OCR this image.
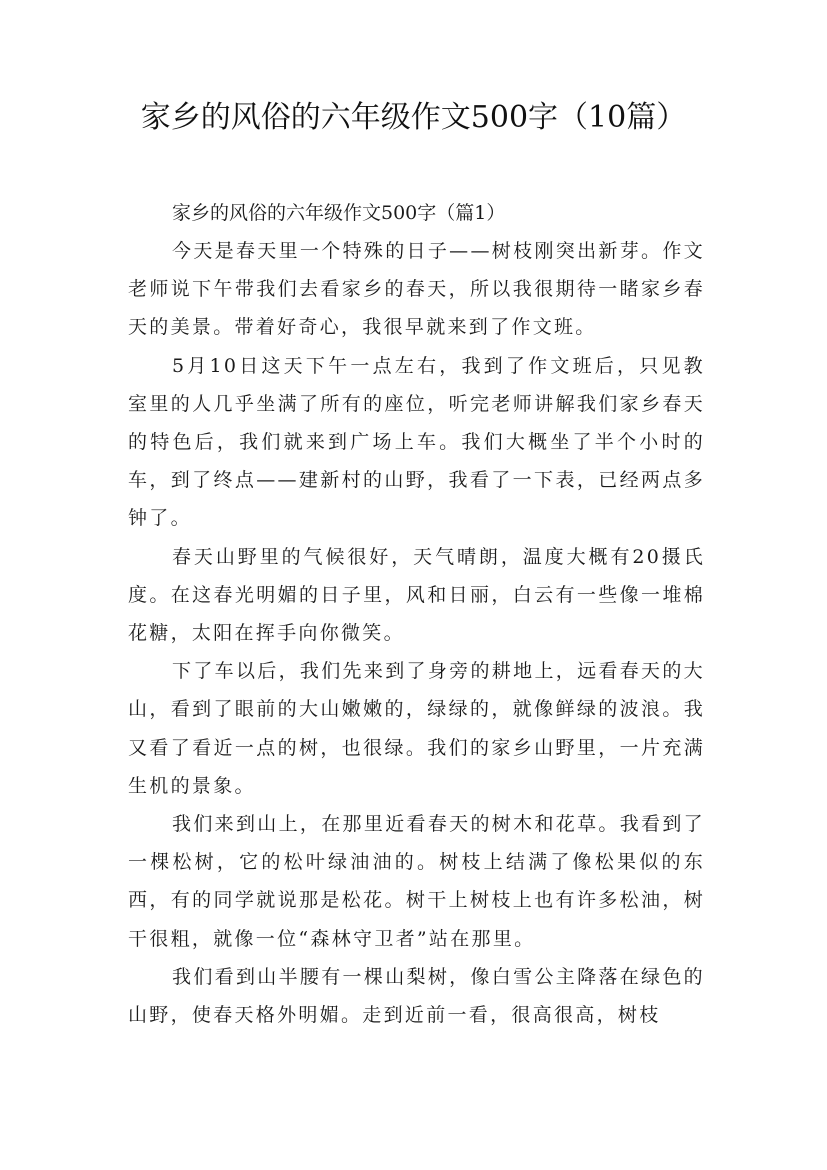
家乡的风俗的六年级作文500字（10篇）

家乡的风俗的六年级作文500字（篇1）

今天是春天里一个特殊的日子——树枝刚突出新芽。作文老师说下午带我们去看家乡的春天，所以我很期待一睹家乡春天的美景。带着好奇心，我很早就来到了作文班。

5月10日这天下午一点左右，我到了作文班后，只见教室里的人几乎坐满了所有的座位，听完老师讲解我们家乡春天的特色后，我们就来到广场上车。我们大概坐了半个小时的车，到了终点——建新村的山野，我看了一下表，已经两点多钟了。

春天山野里的气候很好，天气晴朗，温度大概有20摄氏度。在这春光明媚的日子里，风和日丽，白云有一些像一堆棉花糖，太阳在挥手向你微笑。

下了车以后，我们先来到了身旁的耕地上，远看春天的大山，看到了眼前的大山嫩嫩的，绿绿的，就像鲜绿的波浪。我又看了看近一点的树，也很绿。我们的家乡山野里，一片充满生机的景象。

我们来到山上，在那里近看春天的树木和花草。我看到了一棵松树，它的松叶绿油油的。树枝上结满了像松果似的东西，有的同学就说那是松花。树干上树枝上也有许多松油，树干很粗，就像一位“森林守卫者”站在那里。

我们看到山半腰有一棵山梨树，像白雪公主降落在绿色的山野，使春天格外明媚。走到近前一看，很高很高，树枝
